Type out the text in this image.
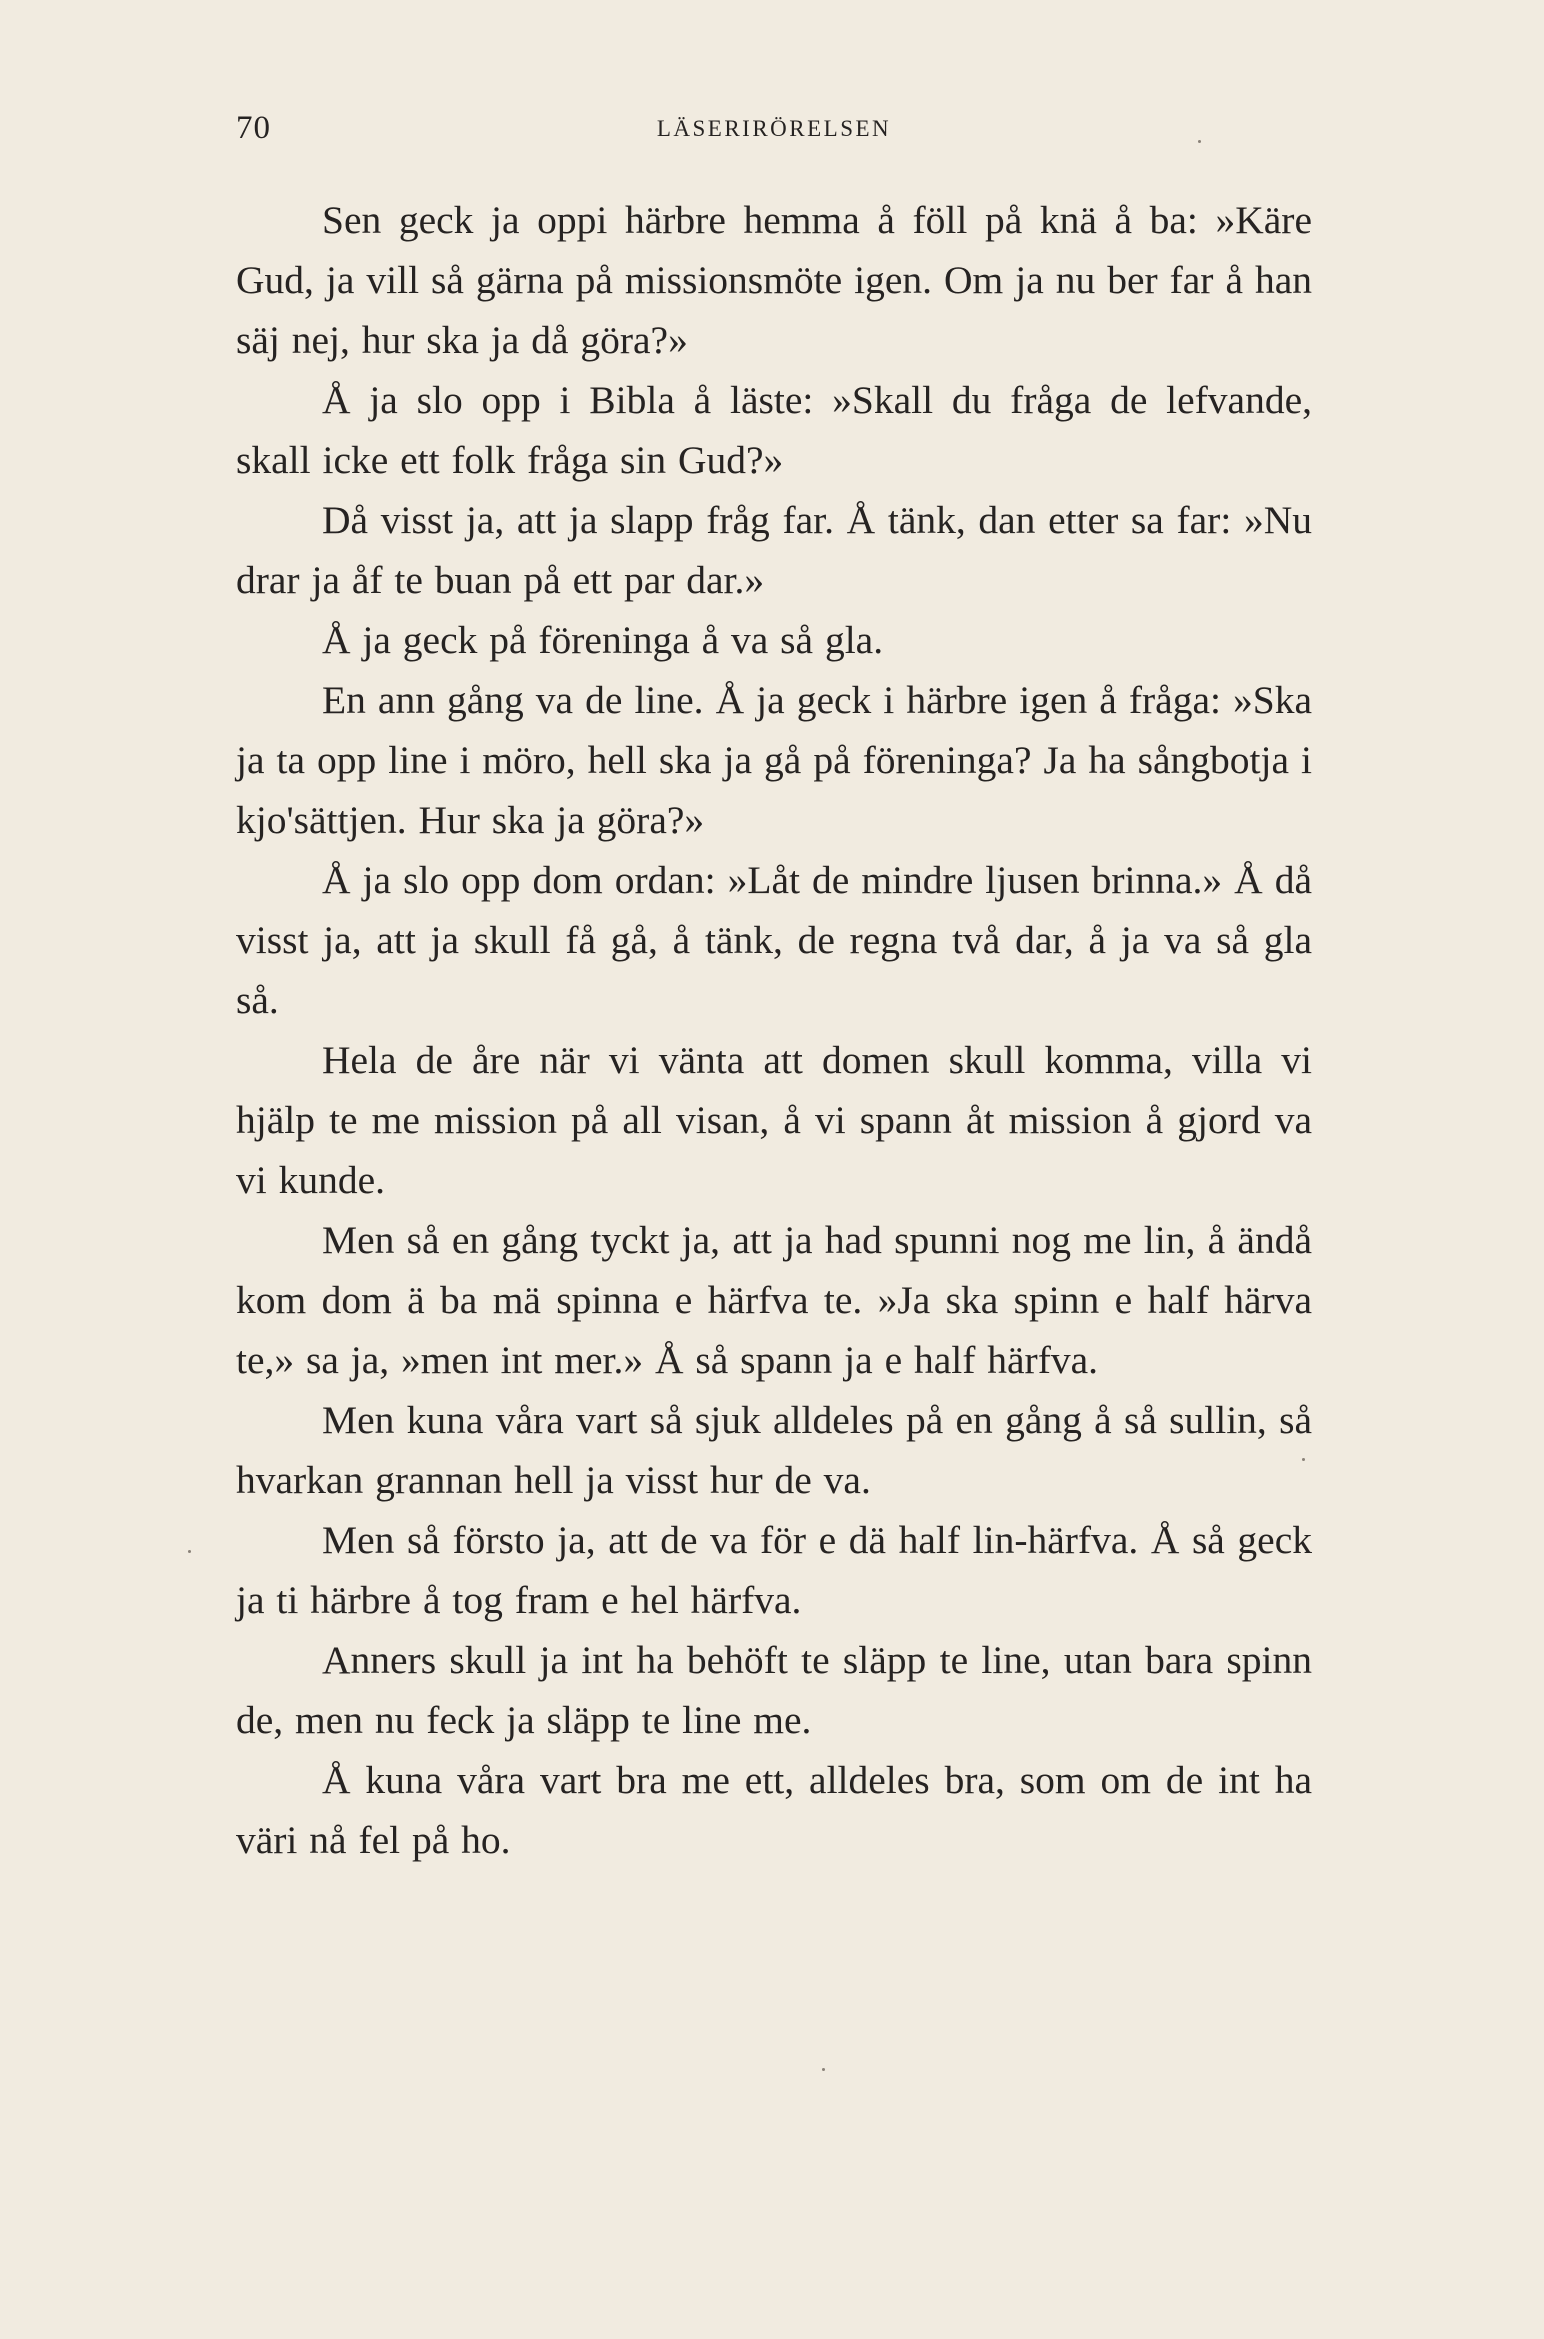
70	LÄSERIRÖRELSEN

Sen geck ja oppi härbre hemma å föll på knä å ba: »Käre Gud, ja vill så gärna på missionsmöte igen. Om ja nu ber far å han säj nej, hur ska ja då göra?»

Å ja slo opp i Bibla å läste: »Skall du fråga de lefvande, skall icke ett folk fråga sin Gud?»

Då visst ja, att ja slapp fråg far. Å tänk, dan etter sa far: »Nu drar ja åf te buan på ett par dar.»

Å ja geck på föreninga å va så gla.

En ann gång va de line. Å ja geck i härbre igen å fråga: »Ska ja ta opp line i möro, hell ska ja gå på föreninga? Ja ha sångbotja i kjo'sättjen. Hur ska ja göra?»

Å ja slo opp dom ordan: »Låt de mindre ljusen brinna.» Å då visst ja, att ja skull få gå, å tänk, de regna två dar, å ja va så gla så.

Hela de åre när vi vänta att domen skull komma, villa vi hjälp te me mission på all visan, å vi spann åt mission å gjord va vi kunde.

Men så en gång tyckt ja, att ja had spunni nog me lin, å ändå kom dom ä ba mä spinna e härfva te. »Ja ska spinn e half härva te,» sa ja, »men int mer.» Å så spann ja e half härfva.

Men kuna våra vart så sjuk alldeles på en gång å så sullin, så hvarkan grannan hell ja visst hur de va.

Men så försto ja, att de va för e dä half lin-härfva. Å så geck ja ti härbre å tog fram e hel härfva.

Anners skull ja int ha behöft te släpp te line, utan bara spinn de, men nu feck ja släpp te line me.

Å kuna våra vart bra me ett, alldeles bra, som om de int ha väri nå fel på ho.
